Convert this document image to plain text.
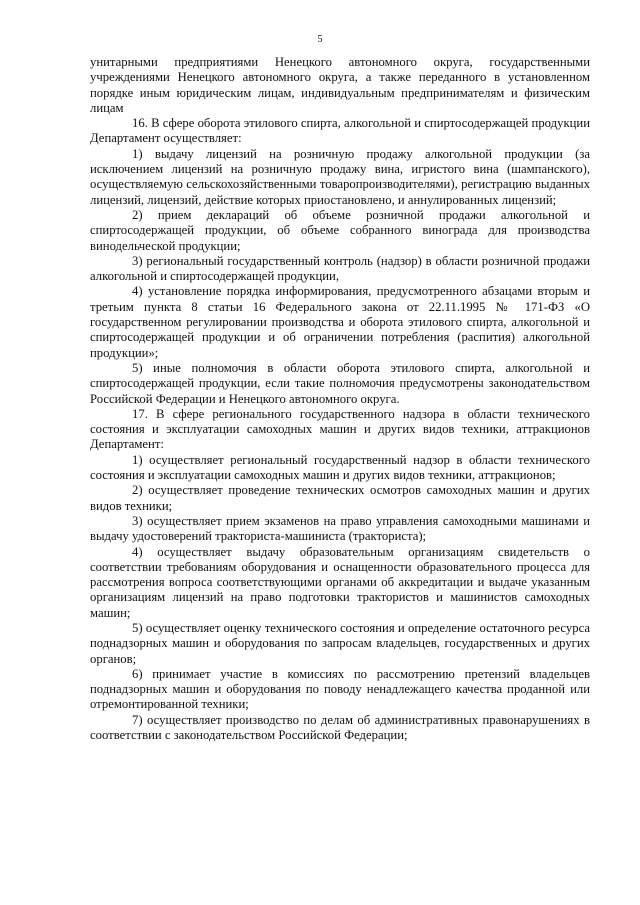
5

унитарными предприятиями Ненецкого автономного округа, государственными учреждениями Ненецкого автономного округа, а также переданного в установленном порядке иным юридическим лицам, индивидуальным предпринимателям и физическим лицам

16. В сфере оборота этилового спирта, алкогольной и спиртосодержащей продукции Департамент осуществляет:

1) выдачу лицензий на розничную продажу алкогольной продукции (за исключением лицензий на розничную продажу вина, игристого вина (шампанского), осуществляемую сельскохозяйственными товаропроизводителями), регистрацию выданных лицензий, лицензий, действие которых приостановлено, и аннулированных лицензий;

2) прием деклараций об объеме розничной продажи алкогольной и спиртосодержащей продукции, об объеме собранного винограда для производства винодельческой продукции;

3) региональный государственный контроль (надзор) в области розничной продажи алкогольной и спиртосодержащей продукции,

4) установление порядка информирования, предусмотренного абзацами вторым и третьим пункта 8 статьи 16 Федерального закона от 22.11.1995 № 171-ФЗ «О государственном регулировании производства и оборота этилового спирта, алкогольной и спиртосодержащей продукции и об ограничении потребления (распития) алкогольной продукции»;

5) иные полномочия в области оборота этилового спирта, алкогольной и спиртосодержащей продукции, если такие полномочия предусмотрены законодательством Российской Федерации и Ненецкого автономного округа.

17. В сфере регионального государственного надзора в области технического состояния и эксплуатации самоходных машин и других видов техники, аттракционов Департамент:

1) осуществляет региональный государственный надзор в области технического состояния и эксплуатации самоходных машин и других видов техники, аттракционов;

2) осуществляет проведение технических осмотров самоходных машин и других видов техники;

3) осуществляет прием экзаменов на право управления самоходными машинами и выдачу удостоверений тракториста-машиниста (тракториста);

4) осуществляет выдачу образовательным организациям свидетельств о соответствии требованиям оборудования и оснащенности образовательного процесса для рассмотрения вопроса соответствующими органами об аккредитации и выдаче указанным организациям лицензий на право подготовки трактористов и машинистов самоходных машин;

5) осуществляет оценку технического состояния и определение остаточного ресурса поднадзорных машин и оборудования по запросам владельцев, государственных и других органов;

6) принимает участие в комиссиях по рассмотрению претензий владельцев поднадзорных машин и оборудования по поводу ненадлежащего качества проданной или отремонтированной техники;

7) осуществляет производство по делам об административных правонарушениях в соответствии с законодательством Российской Федерации;
